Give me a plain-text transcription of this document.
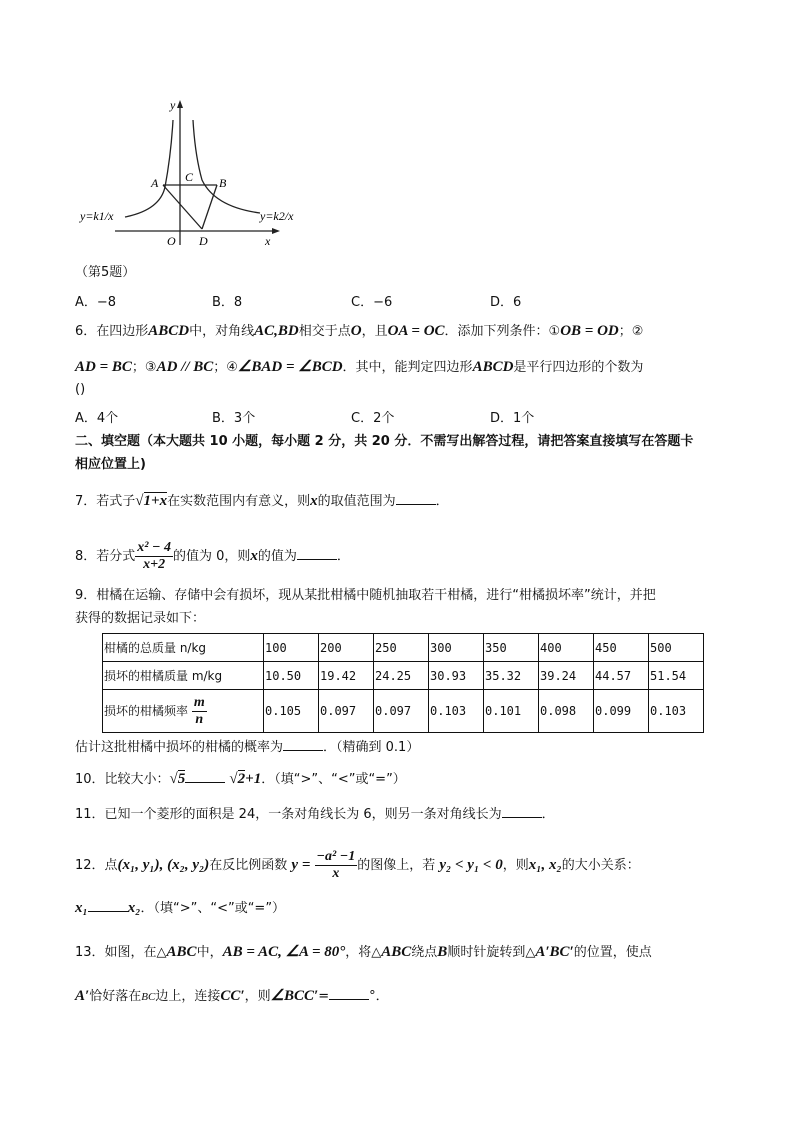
y
x
O
A	B
C
D
y=k1/x	y=k2/x
（第5题）
A．−8	B．8	C．−6	D．6
6．在四边形ABCD中，对角线AC,BD相交于点O，且OA = OC．添加下列条件：①OB = OD；②
AD = BC；③AD // BC；④∠BAD = ∠BCD．其中，能判定四边形ABCD是平行四边形的个数为
()
A．4个	B．3个	C．2个	D．1个
二、填空题（本大题共 10 小题，每小题 2 分，共 20 分．不需写出解答过程，请把答案直接填写在答题卡
相应位置上)
7．若式子√1+x在实数范围内有意义，则x的取值范围为	．
8．若分式 $\frac{\text{x² − 4}}{x+2}$ 的值为 0，则x的值为	．
9．柑橘在运输、存储中会有损坏，现从某批柑橘中随机抽取若干柑橘，进行“柑橘损坏率”统计，并把
获得的数据记录如下：
柑橘的总质量 n/kg	100	200	250	300	350	400	450	500
损坏的柑橘质量 m/kg	10.50	19.42	24.25	30.93	35.32	39.24	44.57	51.54
损坏的柑橘频率 $\frac{m}{n}$	0.105	0.097	0.097	0.103	0.101	0.098	0.099	0.103
估计这批柑橘中损坏的柑橘的概率为	．（精确到 0.1）
10．比较大小：√5	√2+1．（填“>”、“<”或“=”）
11．已知一个菱形的面积是 24，一条对角线长为 6，则另一条对角线长为	．
12．点(x₁, y₁), (x₂, y₂)在反比例函数 $y = \frac{\text{−a² −1}}{x}$ 的图像上，若 y₂ < y₁ < 0，则x₁, x₂的大小关系：
x₁	x₂．（填“>”、“<”或“=”）
13．如图，在△ABC中，AB = AC, ∠A = 80°，将△ABC绕点B顺时针旋转到△A′BC′的位置，使点
A′恰好落在BC边上，连接CC′，则∠BCC′=	°．
